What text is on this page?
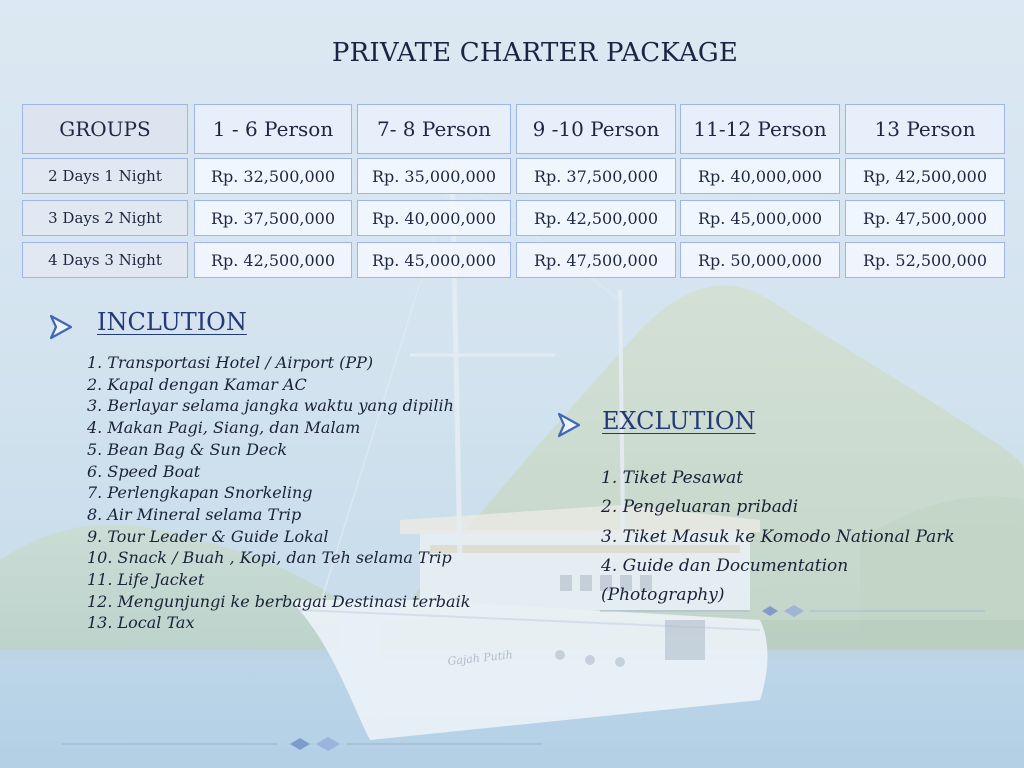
Gajah Putih
PRIVATE CHARTER PACKAGE
GROUPS	1 - 6 Person	7- 8 Person	9 -10 Person	11-12 Person	13 Person
2 Days 1 Night	Rp. 32,500,000	Rp. 35,000,000	Rp. 37,500,000	Rp. 40,000,000	Rp, 42,500,000
3 Days 2 Night	Rp. 37,500,000	Rp. 40,000,000	Rp. 42,500,000	Rp. 45,000,000	Rp. 47,500,000
4 Days 3 Night	Rp. 42,500,000	Rp. 45,000,000	Rp. 47,500,000	Rp. 50,000,000	Rp. 52,500,000
INCLUTION
1. Transportasi Hotel / Airport (PP)
2. Kapal dengan Kamar AC
3. Berlayar selama jangka waktu yang dipilih
4. Makan Pagi, Siang, dan Malam
5. Bean Bag & Sun Deck
6. Speed Boat
7. Perlengkapan Snorkeling
8. Air Mineral selama Trip
9. Tour Leader & Guide Lokal
10. Snack / Buah , Kopi, dan Teh selama Trip
11. Life Jacket
12. Mengunjungi ke berbagai Destinasi terbaik
13. Local Tax
EXCLUTION
1. Tiket Pesawat
2. Pengeluaran pribadi
3. Tiket Masuk ke Komodo National Park
4. Guide dan Documentation (Photography)
